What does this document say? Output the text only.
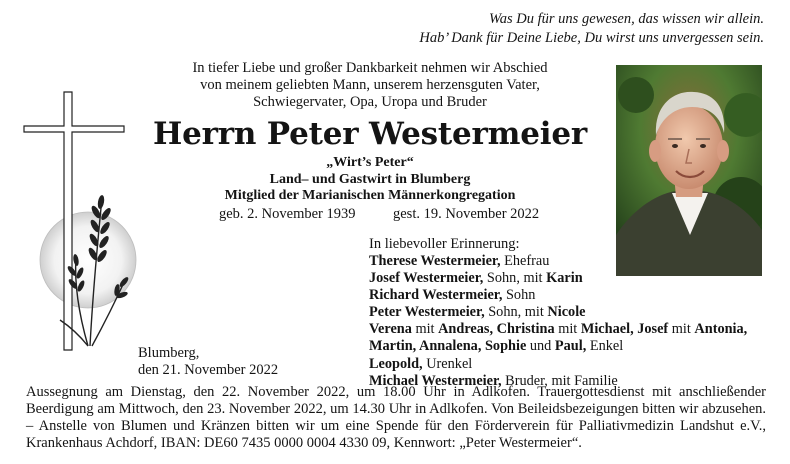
Was Du für uns gewesen, das wissen wir allein.
Hab’ Dank für Deine Liebe, Du wirst uns unvergessen sein.
In tiefer Liebe und großer Dankbarkeit nehmen wir Abschied
von meinem geliebten Mann, unserem herzensguten Vater,
Schwiegervater, Opa, Uropa und Bruder
Herrn Peter Westermeier
„Wirt’s Peter“
Land– und Gastwirt in Blumberg
Mitglied der Marianischen Männerkongregation
geb. 2. November 1939	gest. 19. November 2022
In liebevoller Erinnerung:
Therese Westermeier, Ehefrau
Josef Westermeier, Sohn, mit Karin
Richard Westermeier, Sohn
Peter Westermeier, Sohn, mit Nicole
Verena mit Andreas, Christina mit Michael, Josef mit Antonia,
Martin, Annalena, Sophie und Paul, Enkel
Leopold, Urenkel
Michael Westermeier, Bruder, mit Familie
Blumberg,
den 21. November 2022
Aussegnung am Dienstag, den 22. November 2022, um 18.00 Uhr in Adlkofen. Trauergottesdienst mit anschließender Beerdigung am Mittwoch, den 23. November 2022, um 14.30 Uhr in Adlkofen. Von Beileidsbezeigungen bitten wir abzusehen. – Anstelle von Blumen und Kränzen bitten wir um eine Spende für den Förderverein für Palliativmedizin Landshut e.V., Krankenhaus Achdorf, IBAN: DE60 7435 0000 0004 4330 09, Kennwort: „Peter Westermeier“.
